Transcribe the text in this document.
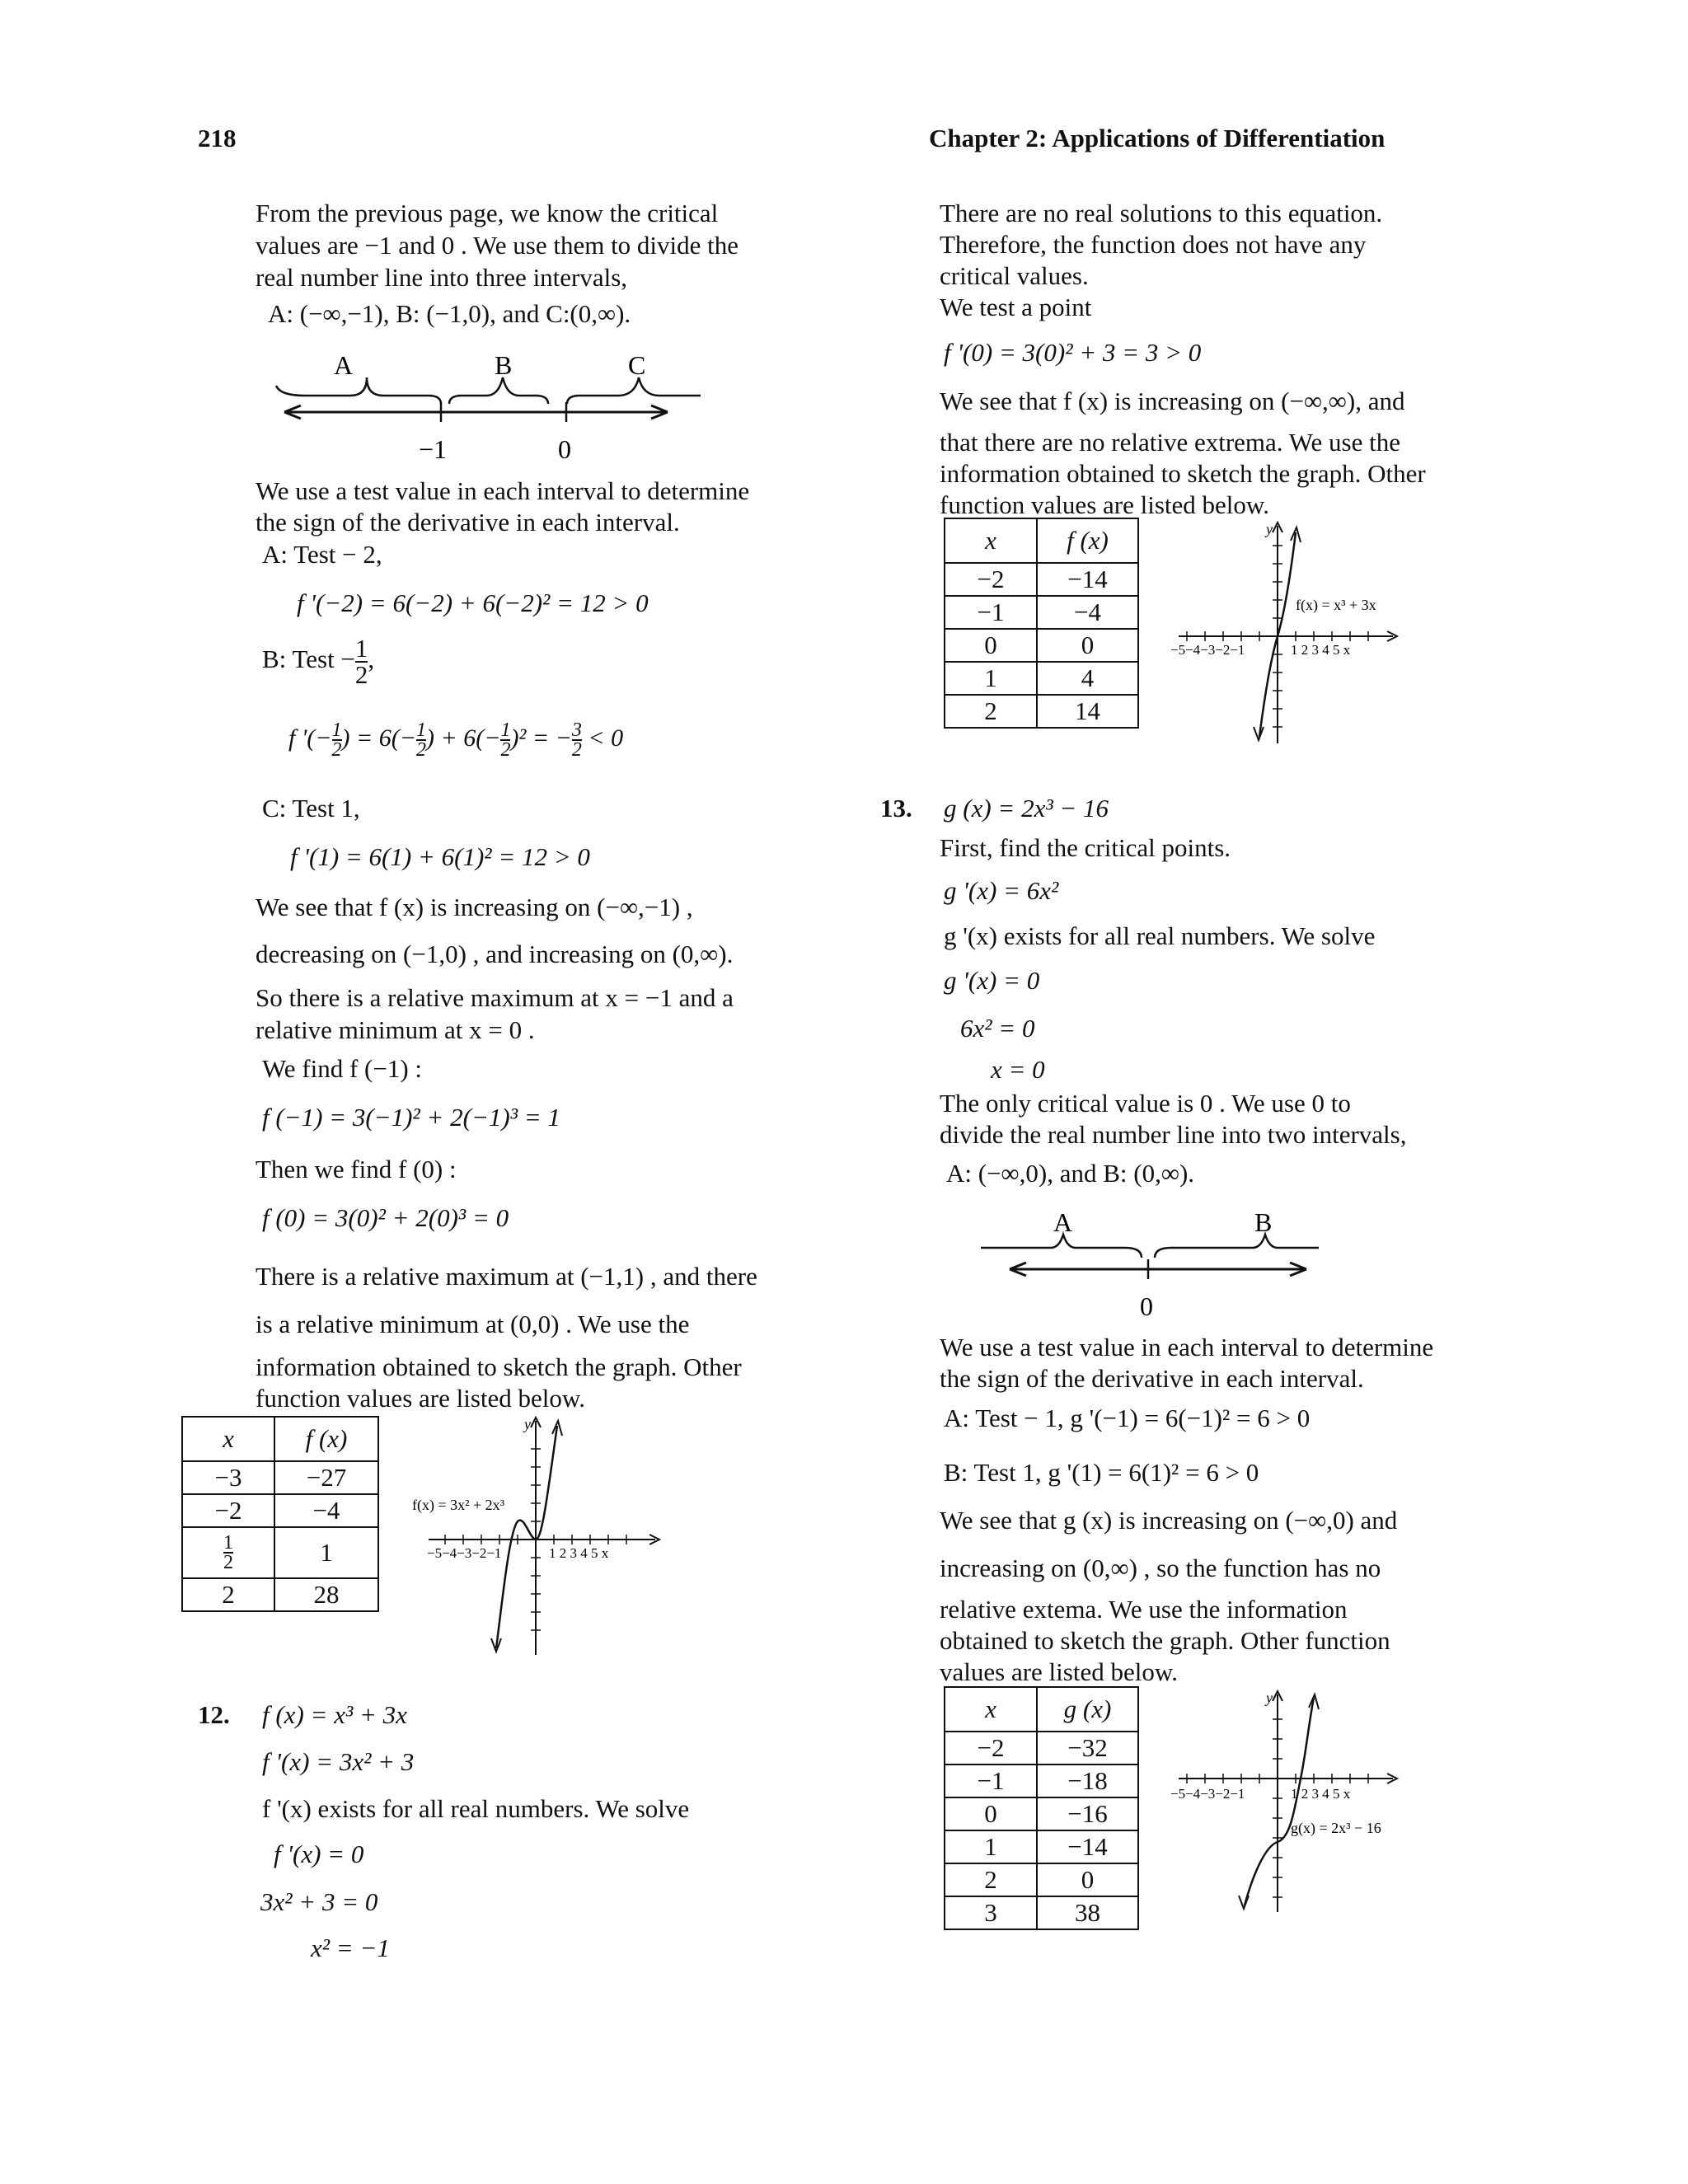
218	Chapter 2: Applications of Differentiation
From the previous page, we know the critical
values are −1 and 0 . We use them to divide the
real number line into three intervals,
A: (−∞,−1), B: (−1,0), and C:(0,∞).
A	B	C
−1	0
We use a test value in each interval to determine
the sign of the derivative in each interval.
A: Test − 2,
f '(−2) = 6(−2) + 6(−2)² = 12 > 0
B: Test − $\frac{1}{2}$ ,
f '(− $\frac{1}{2}$ ) = $6(- \frac{1}{2}$ ) + $6(- \frac{1}{2} )^2$ = − $\frac{3}{2} < 0$
C: Test 1,
f '(1) = 6(1) + 6(1)² = 12 > 0
We see that f (x) is increasing on (−∞,−1) ,
decreasing on (−1,0) , and increasing on (0,∞).
So there is a relative maximum at x = −1 and a
relative minimum at x = 0 .
We find f (−1) :
f (−1) = 3(−1)² + 2(−1)³ = 1
Then we find f (0) :
f (0) = 3(0)² + 2(0)³ = 0
There is a relative maximum at (−1,1) , and there
is a relative minimum at (0,0) . We use the
information obtained to sketch the graph. Other
function values are listed below.
x	f (x)
−3	−27
−2	−4

$\frac{1}{2}$	1
2	28
y
f(x) = 3x² + 2x³
−5−4−3−2−1	1 2 3 4 5 x
12. f (x) = x³ + 3x
f '(x) = 3x² + 3
f '(x) exists for all real numbers. We solve
f '(x) = 0
3x² + 3 = 0
x² = −1
There are no real solutions to this equation.
Therefore, the function does not have any
critical values.
We test a point
f '(0) = 3(0)² + 3 = 3 > 0
We see that f (x) is increasing on (−∞,∞), and
that there are no relative extrema. We use the
information obtained to sketch the graph. Other
function values are listed below.
x	f (x)
−2	−14
−1	−4
0	0
1	4
2	14
y
f(x) = x³ + 3x
−5−4−3−2−1	1 2 3 4 5 x
13. g (x) = 2x³ − 16
First, find the critical points.
g '(x) = 6x²
g '(x) exists for all real numbers. We solve
g '(x) = 0
6x² = 0
x = 0
The only critical value is 0 . We use 0 to
divide the real number line into two intervals,
A: (−∞,0), and B: (0,∞).
A	B
0
We use a test value in each interval to determine
the sign of the derivative in each interval.
A: Test − 1, g '(−1) = 6(−1)² = 6 > 0
B: Test 1, g '(1) = 6(1)² = 6 > 0
We see that g (x) is increasing on (−∞,0) and
increasing on (0,∞) , so the function has no
relative extema. We use the information
obtained to sketch the graph. Other function
values are listed below.
x	g (x)
−2	−32
−1	−18
0	−16
1	−14
2	0
3	38
y
g(x) = 2x³ − 16
−5−4−3−2−1	1 2 3 4 5 x
